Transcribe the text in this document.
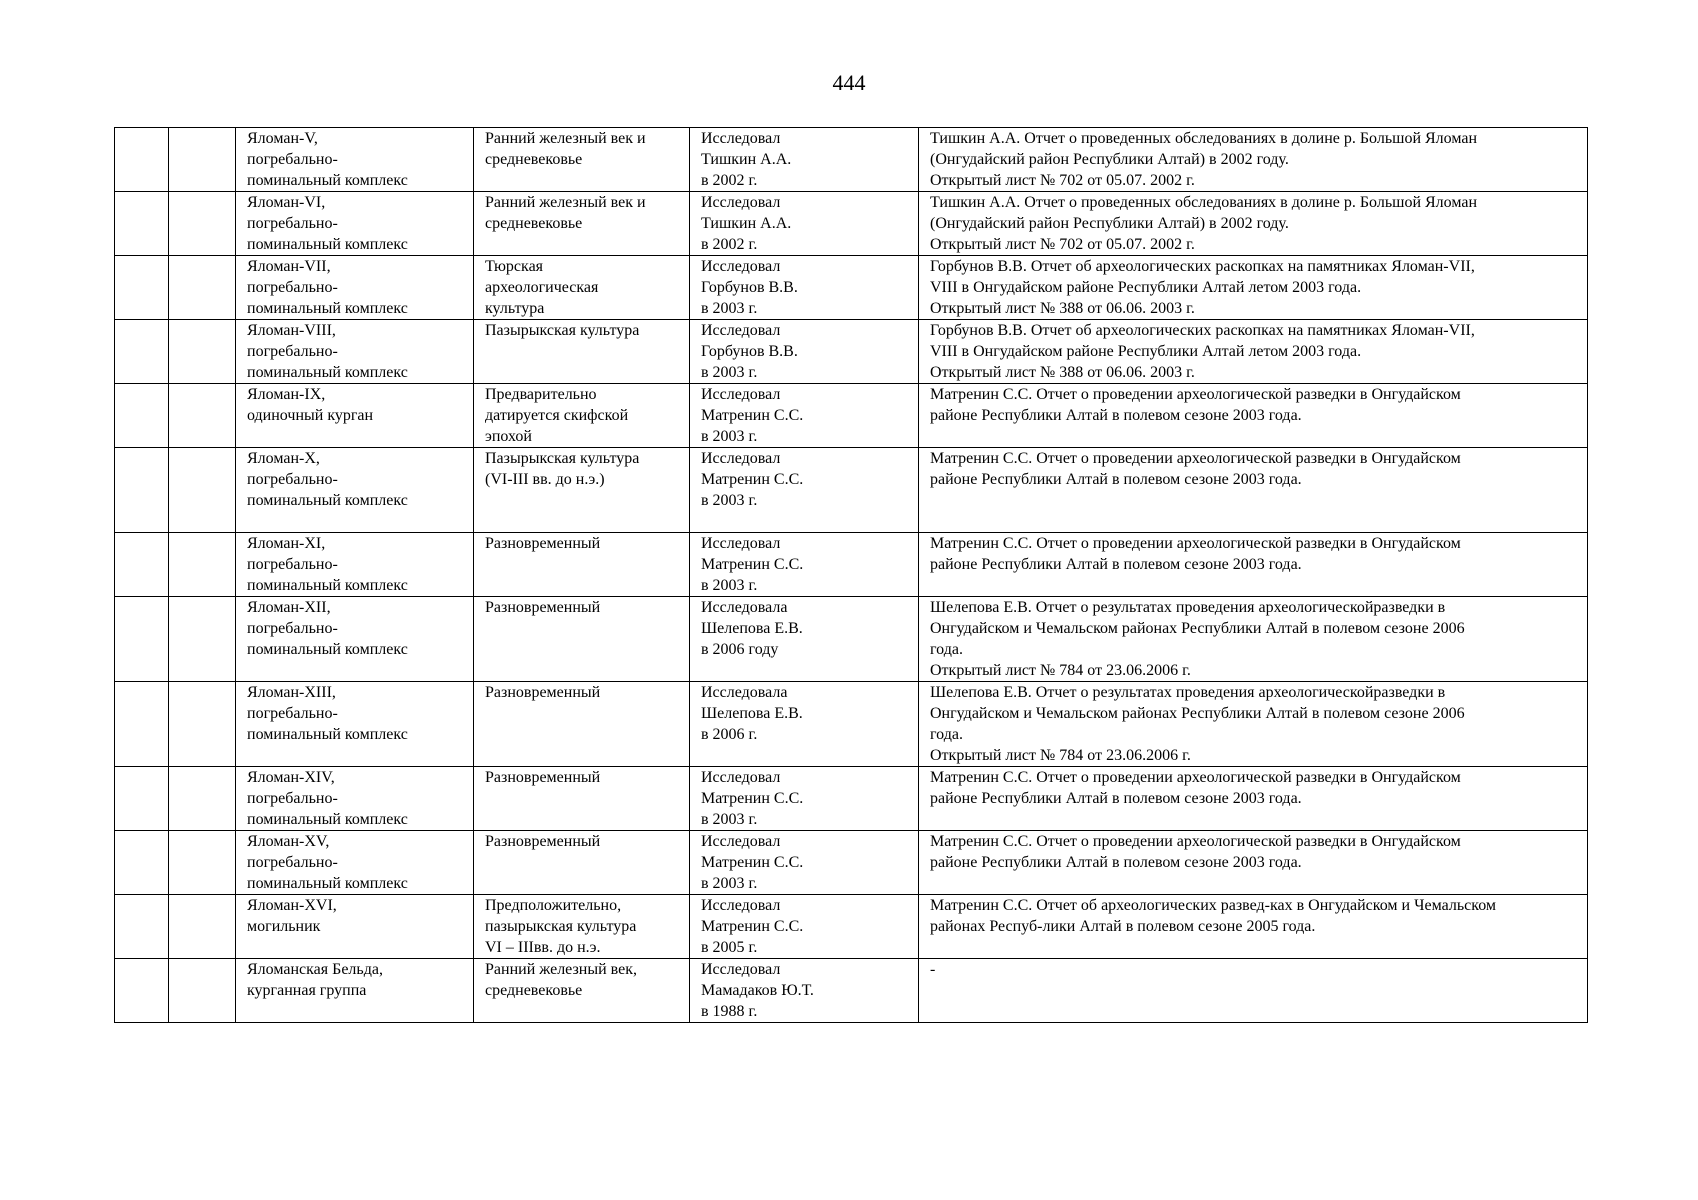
444

		Яломан-V,
погребально-
поминальный комплекс	Ранний железный век и
средневековье	Исследовал
Тишкин А.А.
в 2002 г.	Тишкин А.А. Отчет о проведенных обследованиях в долине р. Большой Яломан
(Онгудайский район Республики Алтай) в 2002 году.
Открытый лист № 702 от 05.07. 2002 г.

		Яломан-VI,
погребально-
поминальный комплекс	Ранний железный век и
средневековье	Исследовал
Тишкин А.А.
в 2002 г.	Тишкин А.А. Отчет о проведенных обследованиях в долине р. Большой Яломан
(Онгудайский район Республики Алтай) в 2002 году.
Открытый лист № 702 от 05.07. 2002 г.

		Яломан-VII,
погребально-
поминальный комплекс	Тюрская
археологическая
культура	Исследовал
Горбунов В.В.
в 2003 г.	Горбунов В.В. Отчет об археологических раскопках на памятниках Яломан-VII,
VIII в Онгудайском районе Республики Алтай летом 2003 года.
Открытый лист № 388 от 06.06. 2003 г.

		Яломан-VIII,
погребально-
поминальный комплекс	Пазырыкская культура	Исследовал
Горбунов В.В.
в 2003 г.	Горбунов В.В. Отчет об археологических раскопках на памятниках Яломан-VII,
VIII в Онгудайском районе Республики Алтай летом 2003 года.
Открытый лист № 388 от 06.06. 2003 г.

		Яломан-IX,
одиночный курган	Предварительно
датируется скифской
эпохой	Исследовал
Матренин С.С.
в 2003 г.	Матренин С.С. Отчет о проведении археологической разведки в Онгудайском
районе Республики Алтай в полевом сезоне 2003 года.

		Яломан-X,
погребально-
поминальный комплекс	Пазырыкская культура
(VI-III вв. до н.э.)	Исследовал
Матренин С.С.
в 2003 г.	Матренин С.С. Отчет о проведении археологической разведки в Онгудайском
районе Республики Алтай в полевом сезоне 2003 года.

		Яломан-XI,
погребально-
поминальный комплекс	Разновременный	Исследовал
Матренин С.С.
в 2003 г.	Матренин С.С. Отчет о проведении археологической разведки в Онгудайском
районе Республики Алтай в полевом сезоне 2003 года.

		Яломан-XII,
погребально-
поминальный комплекс	Разновременный	Исследовала
Шелепова Е.В.
в 2006 году	Шелепова Е.В. Отчет о результатах проведения археологическойразведки в
Онгудайском и Чемальском районах Республики Алтай в полевом сезоне 2006
года.
Открытый лист № 784 от 23.06.2006 г.

		Яломан-XIII,
погребально-
поминальный комплекс	Разновременный	Исследовала
Шелепова Е.В.
в 2006 г.	Шелепова Е.В. Отчет о результатах проведения археологическойразведки в
Онгудайском и Чемальском районах Республики Алтай в полевом сезоне 2006
года.
Открытый лист № 784 от 23.06.2006 г.

		Яломан-XIV,
погребально-
поминальный комплекс	Разновременный	Исследовал
Матренин С.С.
в 2003 г.	Матренин С.С. Отчет о проведении археологической разведки в Онгудайском
районе Республики Алтай в полевом сезоне 2003 года.

		Яломан-XV,
погребально-
поминальный комплекс	Разновременный	Исследовал
Матренин С.С.
в 2003 г.	Матренин С.С. Отчет о проведении археологической разведки в Онгудайском
районе Республики Алтай в полевом сезоне 2003 года.

		Яломан-XVI,
могильник	Предположительно,
пазырыкская культура
VI – IIIвв. до н.э.	Исследовал
Матренин С.С.
в 2005 г.	Матренин С.С. Отчет об археологических развед-ках в Онгудайском и Чемальском
районах Респуб-лики Алтай в полевом сезоне 2005 года.

		Яломанская Бельда,
курганная группа	Ранний железный век,
средневековье	Исследовал
Мамадаков Ю.Т.
в 1988 г.	-
